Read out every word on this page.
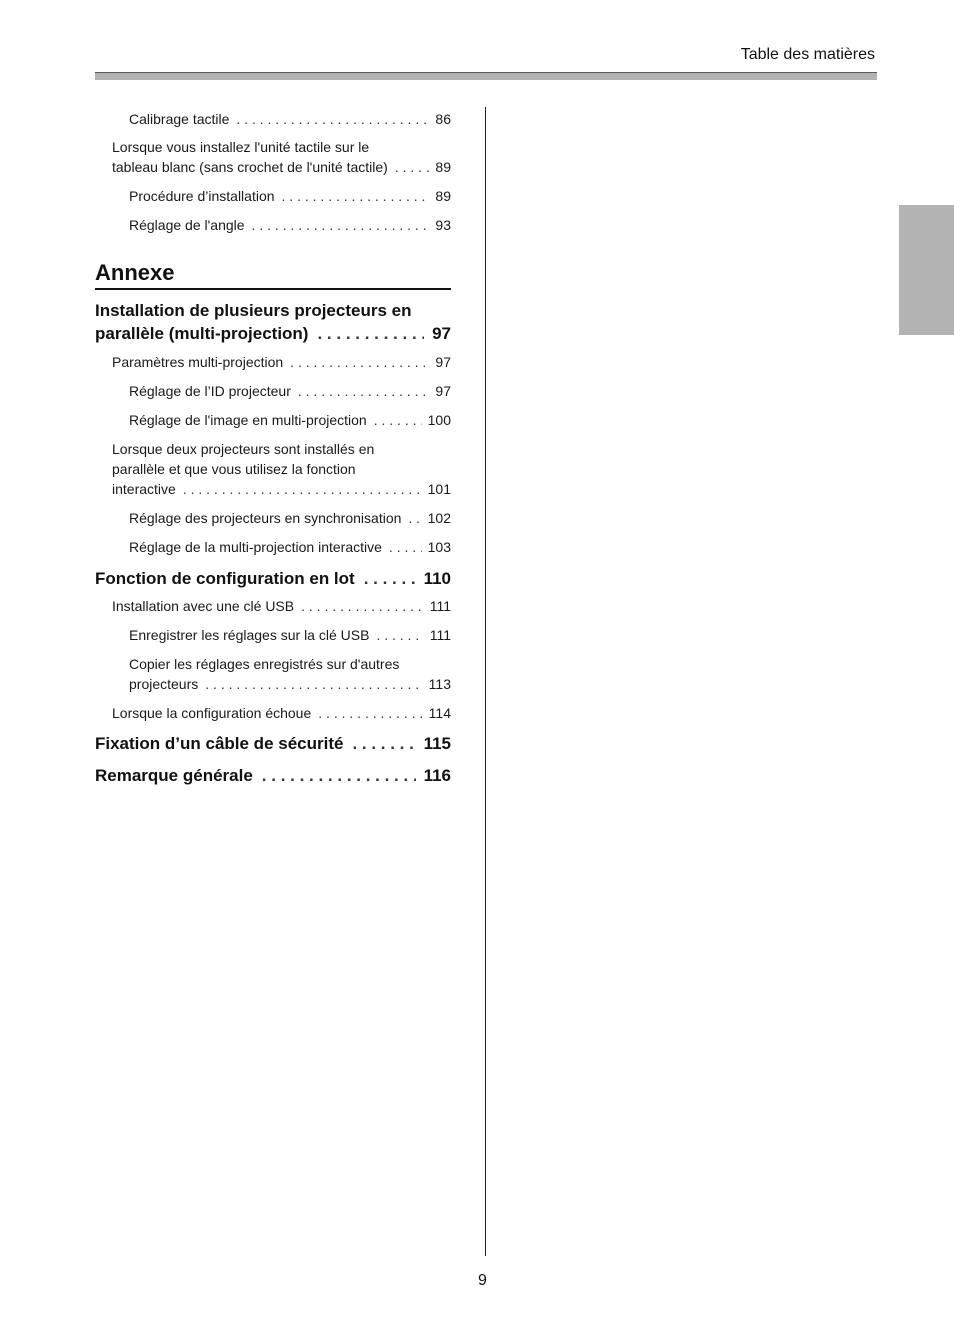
Table des matières
Calibrage tactile . . .	86
Lorsque vous installez l'unité tactile sur le
tableau blanc (sans crochet de l'unité tactile) . . .	89
Procédure d’installation . . .	89
Réglage de l'angle . . .	93
Annexe
Installation de plusieurs projecteurs en
parallèle (multi-projection) . . .	97
Paramètres multi-projection . . .	97
Réglage de l’ID projecteur . . .	97
Réglage de l'image en multi-projection . . .	100
Lorsque deux projecteurs sont installés en
parallèle et que vous utilisez la fonction
interactive . . .	101
Réglage des projecteurs en synchronisation . . . 102
Réglage de la multi-projection interactive . . .	103
Fonction de configuration en lot . . .	110
Installation avec une clé USB . . .	111
Enregistrer les réglages sur la clé USB . . .	111
Copier les réglages enregistrés sur d'autres
projecteurs . . .	113
Lorsque la configuration échoue . . .	114
Fixation d’un câble de sécurité . . .	115
Remarque générale . . .	116
9
